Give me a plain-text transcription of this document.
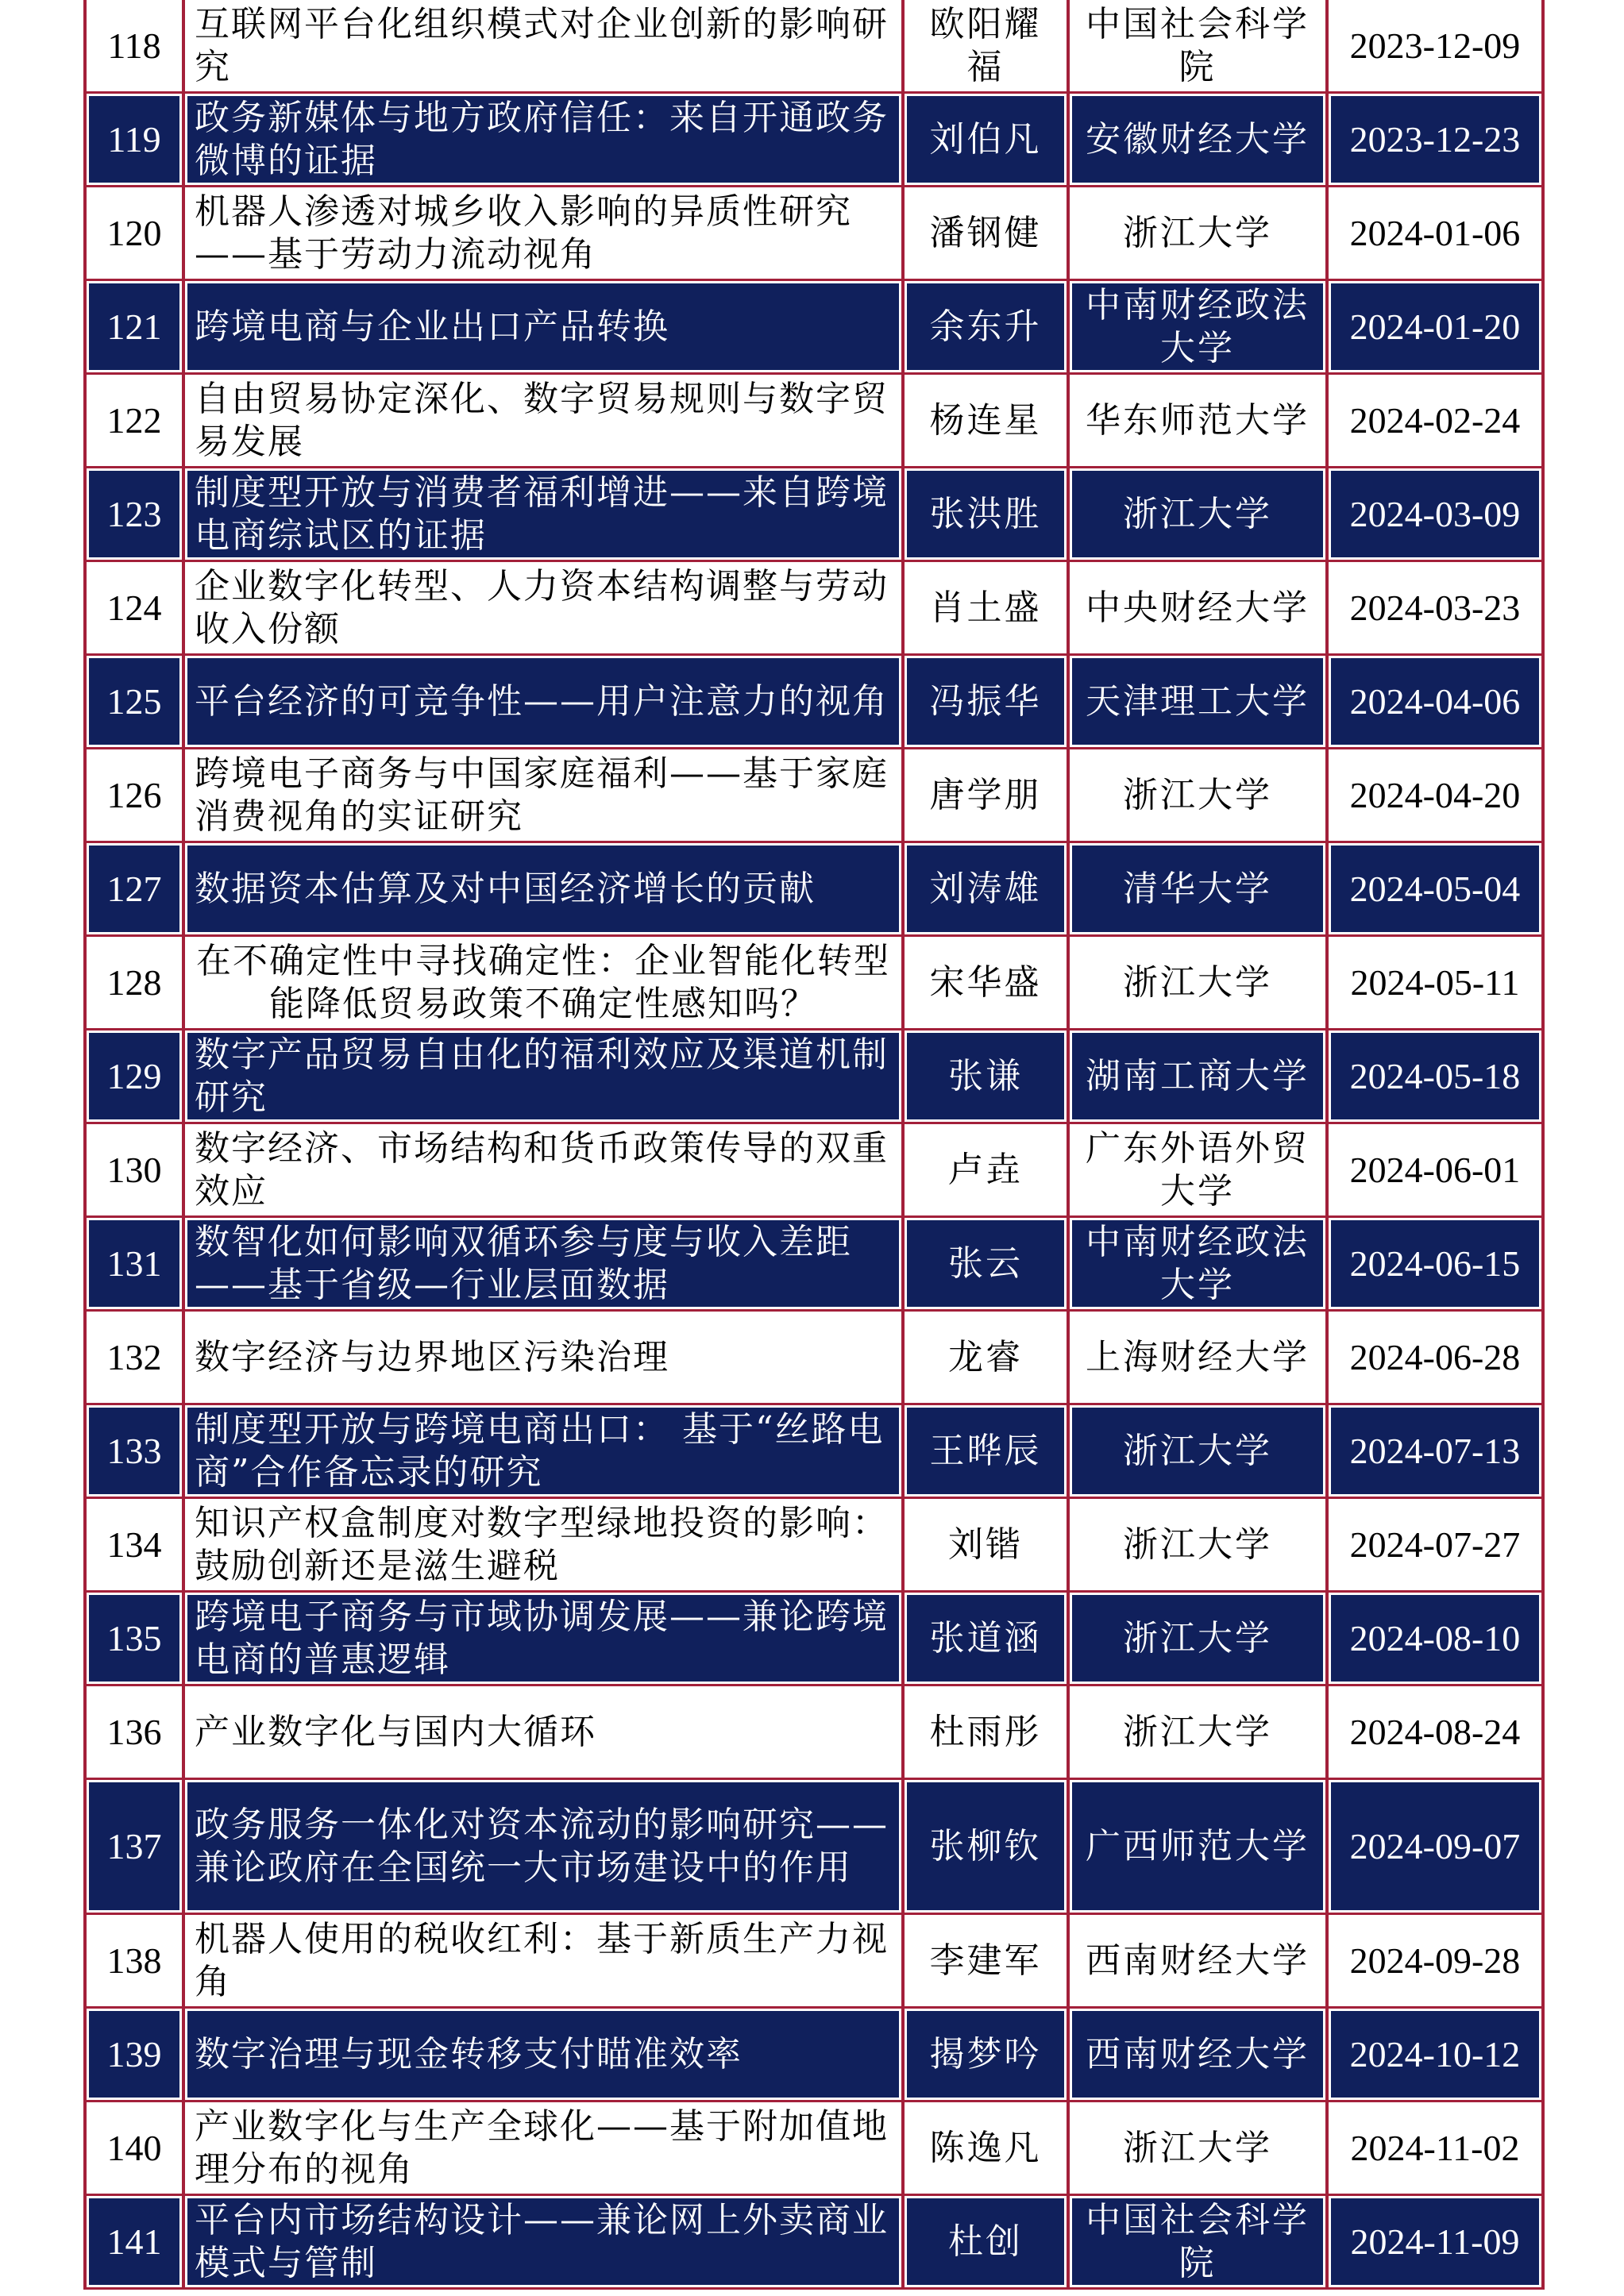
118	互联网平台化组织模式对企业创新的影响研究	欧阳耀福	中国社会科学院	2023-12-09
119	政务新媒体与地方政府信任：来自开通政务微博的证据	刘伯凡	安徽财经大学	2023-12-23
120	机器人渗透对城乡收入影响的异质性研究——基于劳动力流动视角	潘钢健	浙江大学	2024-01-06
121	跨境电商与企业出口产品转换	余东升	中南财经政法大学	2024-01-20
122	自由贸易协定深化、数字贸易规则与数字贸易发展	杨连星	华东师范大学	2024-02-24
123	制度型开放与消费者福利增进——来自跨境电商综试区的证据	张洪胜	浙江大学	2024-03-09
124	企业数字化转型、人力资本结构调整与劳动收入份额	肖土盛	中央财经大学	2024-03-23
125	平台经济的可竞争性——用户注意力的视角	冯振华	天津理工大学	2024-04-06
126	跨境电子商务与中国家庭福利——基于家庭消费视角的实证研究	唐学朋	浙江大学	2024-04-20
127	数据资本估算及对中国经济增长的贡献	刘涛雄	清华大学	2024-05-04
128	在不确定性中寻找确定性：企业智能化转型能降低贸易政策不确定性感知吗？	宋华盛	浙江大学	2024-05-11
129	数字产品贸易自由化的福利效应及渠道机制研究	张谦	湖南工商大学	2024-05-18
130	数字经济、市场结构和货币政策传导的双重效应	卢垚	广东外语外贸大学	2024-06-01
131	数智化如何影响双循环参与度与收入差距——基于省级—行业层面数据	张云	中南财经政法大学	2024-06-15
132	数字经济与边界地区污染治理	龙睿	上海财经大学	2024-06-28
133	制度型开放与跨境电商出口： 基于“丝路电商”合作备忘录的研究	王晔辰	浙江大学	2024-07-13
134	知识产权盒制度对数字型绿地投资的影响：鼓励创新还是滋生避税	刘锴	浙江大学	2024-07-27
135	跨境电子商务与市域协调发展——兼论跨境电商的普惠逻辑	张道涵	浙江大学	2024-08-10
136	产业数字化与国内大循环	杜雨彤	浙江大学	2024-08-24
137	政务服务一体化对资本流动的影响研究——兼论政府在全国统一大市场建设中的作用	张柳钦	广西师范大学	2024-09-07
138	机器人使用的税收红利：基于新质生产力视角	李建军	西南财经大学	2024-09-28
139	数字治理与现金转移支付瞄准效率	揭梦吟	西南财经大学	2024-10-12
140	产业数字化与生产全球化——基于附加值地理分布的视角	陈逸凡	浙江大学	2024-11-02
141	平台内市场结构设计——兼论网上外卖商业模式与管制	杜创	中国社会科学院	2024-11-09
